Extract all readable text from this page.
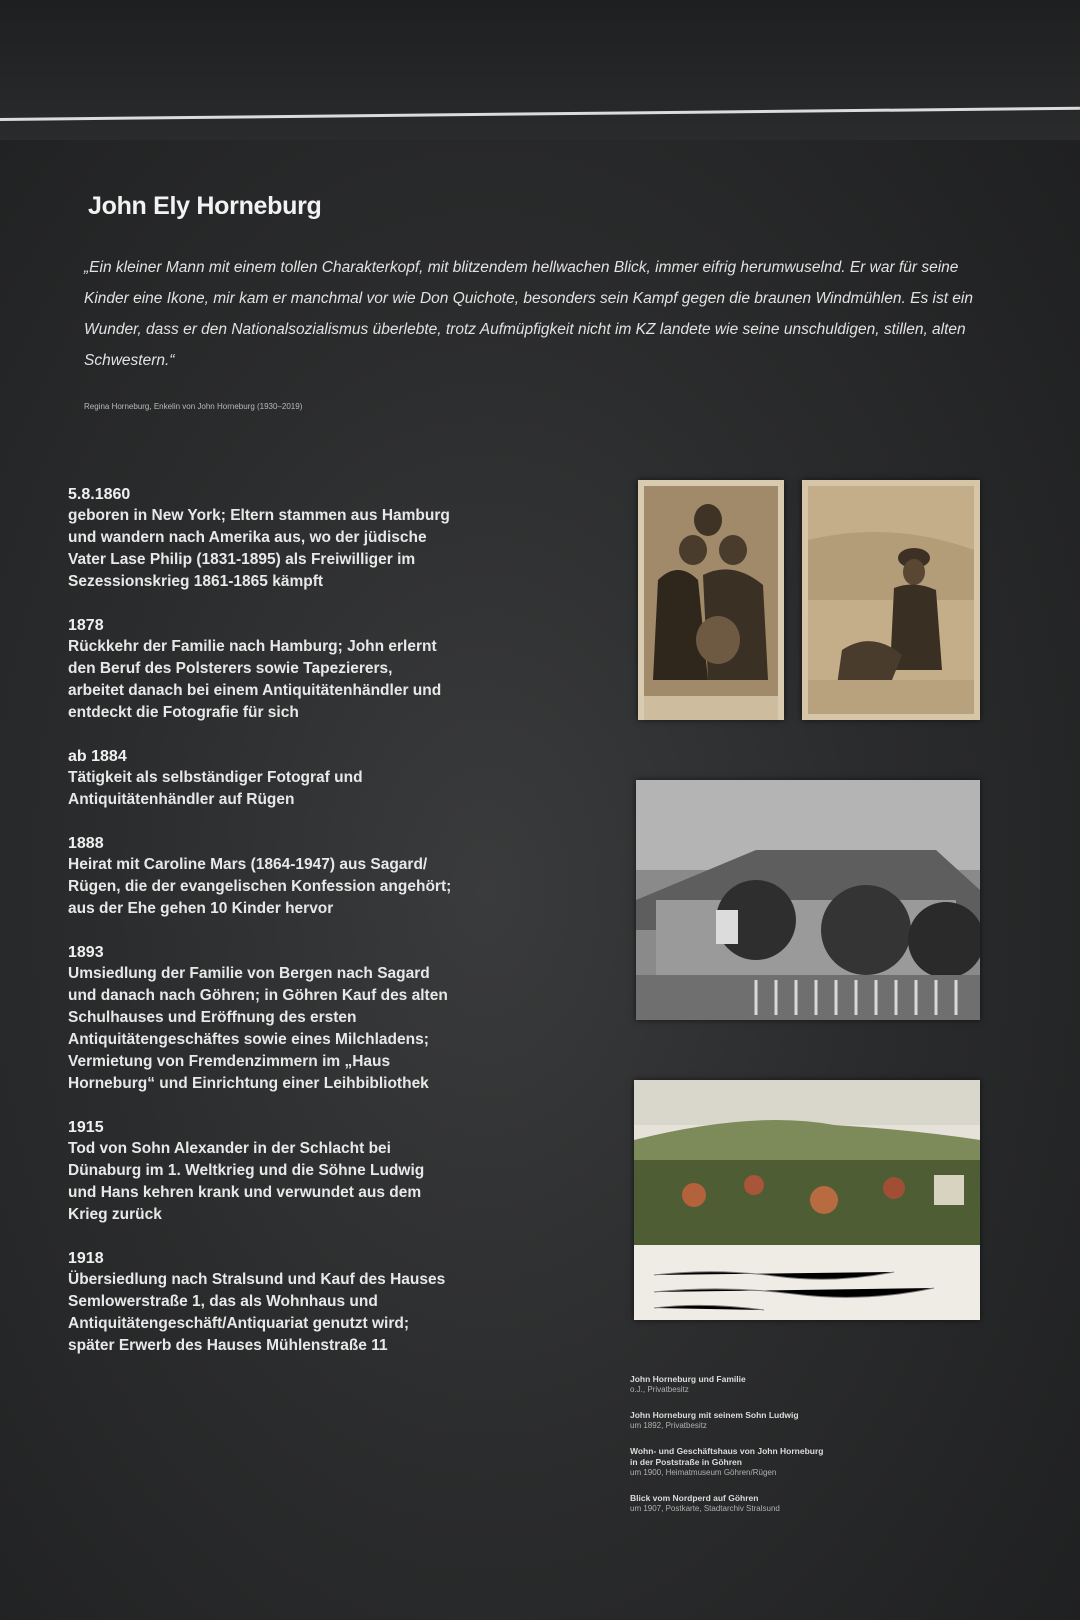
John Ely Horneburg
„Ein kleiner Mann mit einem tollen Charakterkopf, mit blitzendem hellwachen Blick, immer eifrig herumwuselnd. Er war für seine Kinder eine Ikone, mir kam er manchmal vor wie Don Quichote, besonders sein Kampf gegen die braunen Windmühlen. Es ist ein Wunder, dass er den Nationalsozialismus überlebte, trotz Aufmüpfigkeit nicht im KZ landete wie seine unschuldigen, stillen, alten Schwestern.“
Regina Horneburg, Enkelin von John Horneburg (1930–2019)
5.8.1860
geboren in New York; Eltern stammen aus Hamburg
und wandern nach Amerika aus, wo der jüdische
Vater Lase Philip (1831-1895) als Freiwilliger im
Sezessionskrieg 1861-1865 kämpft
1878
Rückkehr der Familie nach Hamburg; John erlernt
den Beruf des Polsterers sowie Tapezierers,
arbeitet danach bei einem Antiquitätenhändler und
entdeckt die Fotografie für sich
ab 1884
Tätigkeit als selbständiger Fotograf und
Antiquitätenhändler auf Rügen
1888
Heirat mit Caroline Mars (1864-1947) aus Sagard/
Rügen, die der evangelischen Konfession angehört;
aus der Ehe gehen 10 Kinder hervor
1893
Umsiedlung der Familie von Bergen nach Sagard
und danach nach Göhren; in Göhren Kauf des alten
Schulhauses und Eröffnung des ersten
Antiquitätengeschäftes sowie eines Milchladens;
Vermietung von Fremdenzimmern im „Haus
Horneburg“ und Einrichtung einer Leihbibliothek
1915
Tod von Sohn Alexander in der Schlacht bei
Dünaburg im 1. Weltkrieg und die Söhne Ludwig
und Hans kehren krank und verwundet aus dem
Krieg zurück
1918
Übersiedlung nach Stralsund und Kauf des Hauses
Semlowerstraße 1, das als Wohnhaus und
Antiquitätengeschäft/Antiquariat genutzt wird;
später Erwerb des Hauses Mühlenstraße 11
John Horneburg und Familie
o.J., Privatbesitz
John Horneburg mit seinem Sohn Ludwig
um 1892, Privatbesitz
Wohn- und Geschäftshaus von John Horneburg
in der Poststraße in Göhren
um 1900, Heimatmuseum Göhren/Rügen
Blick vom Nordperd auf Göhren
um 1907, Postkarte, Stadtarchiv Stralsund
